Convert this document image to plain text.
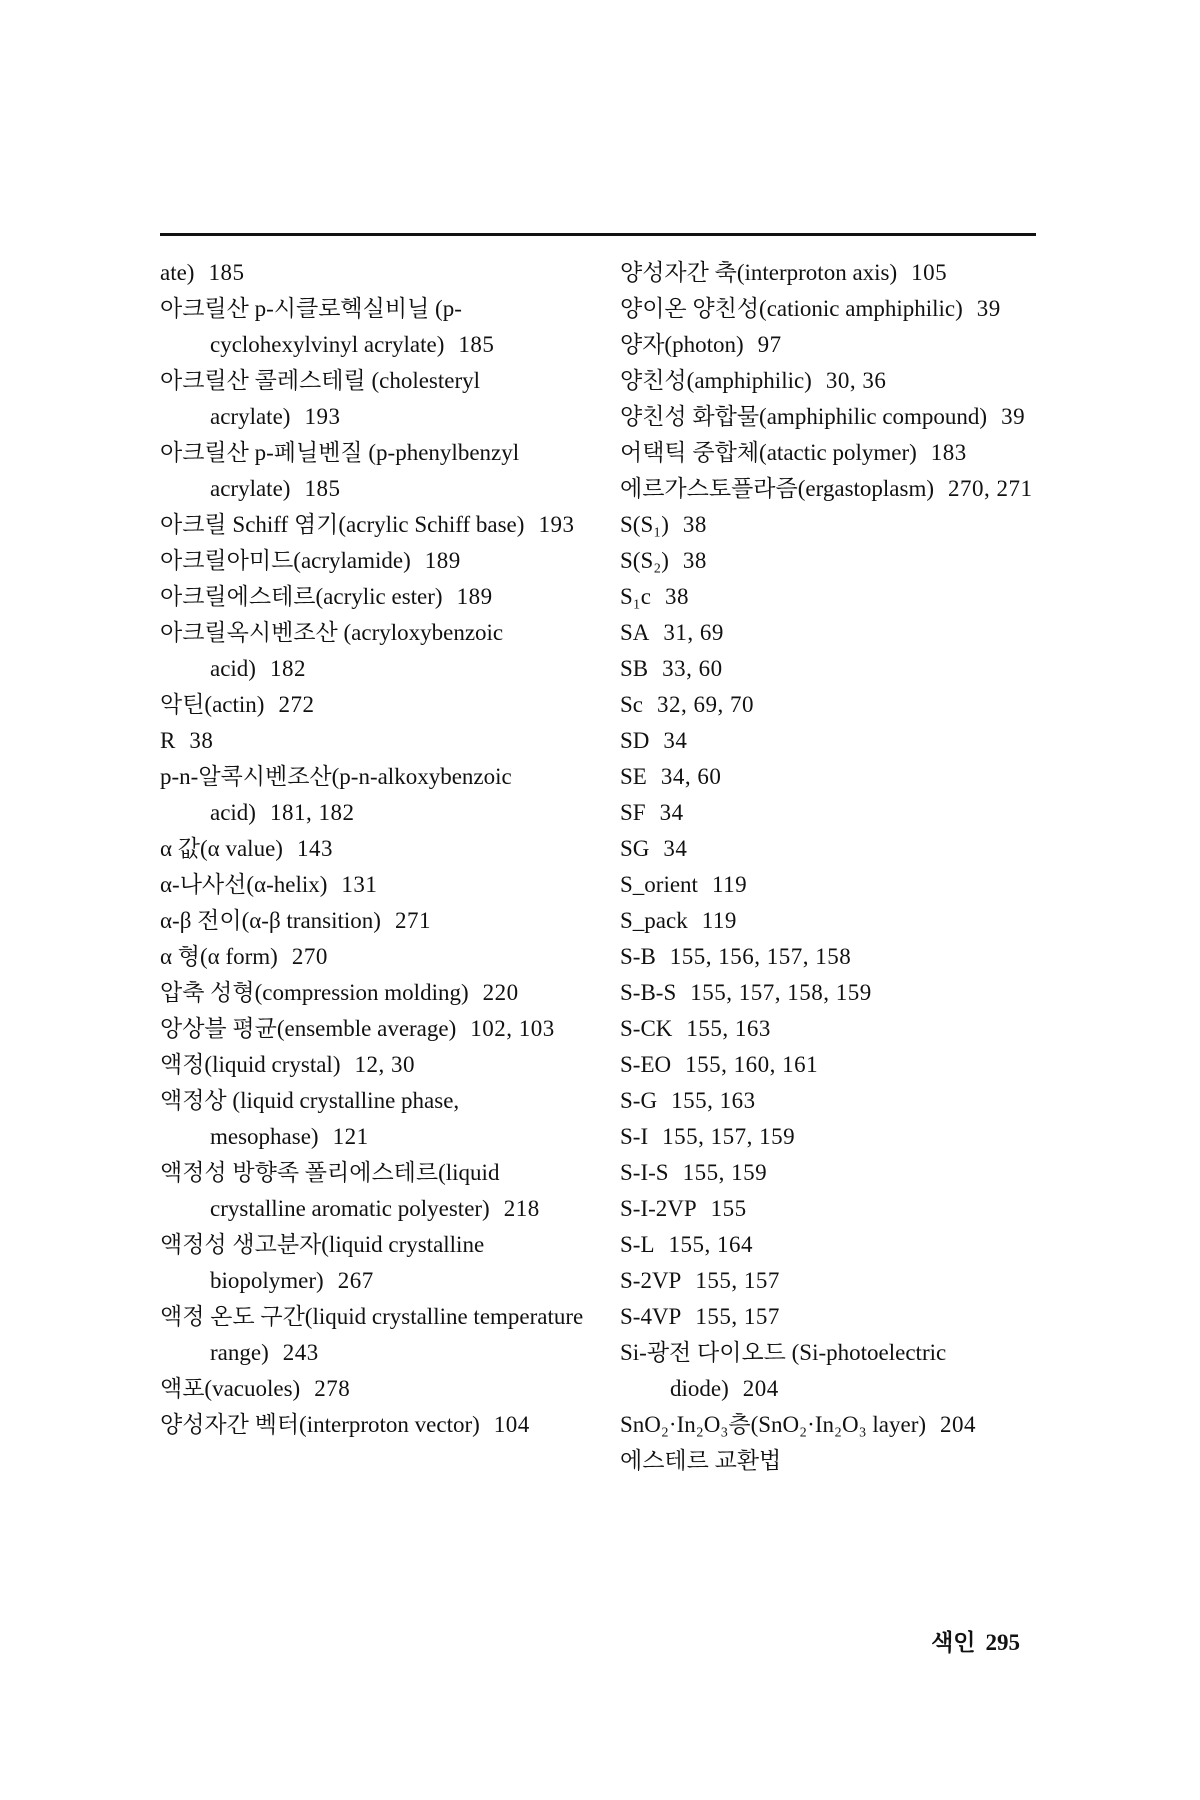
ate) 185
아크릴산 p-시클로헥실비닐 (p-cyclohexylvinyl acrylate) 185
아크릴산 콜레스테릴 (cholesteryl acrylate) 193
아크릴산 p-페닐벤질 (p-phenylbenzyl acrylate) 185
아크릴 Schiff 염기(acrylic Schiff base) 193
아크릴아미드(acrylamide) 189
아크릴에스테르(acrylic ester) 189
아크릴옥시벤조산 (acryloxybenzoic acid) 182
악틴(actin) 272
R 38
p-n-알콕시벤조산(p-n-alkoxybenzoic acid) 181, 182
α 값(α value) 143
α-나사선(α-helix) 131
α-β 전이(α-β transition) 271
α 형(α form) 270
압축 성형(compression molding) 220
앙상블 평균(ensemble average) 102, 103
액정(liquid crystal) 12, 30
액정상 (liquid crystalline phase, mesophase) 121
액정성 방향족 폴리에스테르(liquid crystalline aromatic polyester) 218
액정성 생고분자(liquid crystalline biopolymer) 267
액정 온도 구간(liquid crystalline temperature range) 243
액포(vacuoles) 278
양성자간 벡터(interproton vector) 104
양성자간 축(interproton axis) 105
양이온 양친성(cationic amphiphilic) 39
양자(photon) 97
양친성(amphiphilic) 30, 36
양친성 화합물(amphiphilic compound) 39
어택틱 중합체(atactic polymer) 183
에르가스토플라즘(ergastoplasm) 270, 271
S(S₁) 38
S(S₂) 38
S₁c 38
SA 31, 69
SB 33, 60
Sc 32, 69, 70
SD 34
SE 34, 60
SF 34
SG 34
S_orient 119
S_pack 119
S-B 155, 156, 157, 158
S-B-S 155, 157, 158, 159
S-CK 155, 163
S-EO 155, 160, 161
S-G 155, 163
S-I 155, 157, 159
S-I-S 155, 159
S-I-2VP 155
S-L 155, 164
S-2VP 155, 157
S-4VP 155, 157
Si-광전 다이오드 (Si-photoelectric diode) 204
SnO₂·In₂O₃층(SnO₂·In₂O₃ layer) 204
에스테르 교환법
색인 295
